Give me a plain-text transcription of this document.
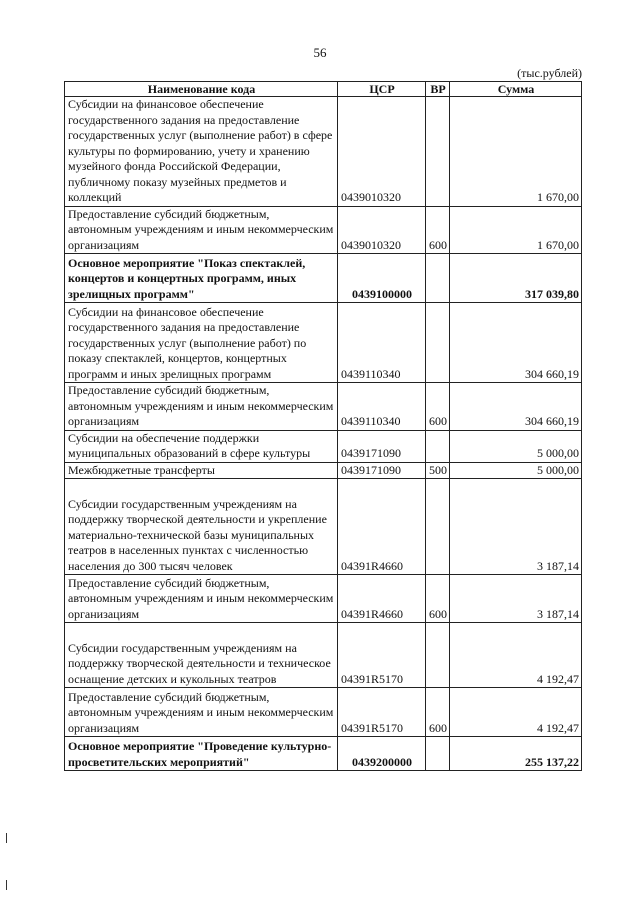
56
(тыс.рублей)
Наименование кода	ЦСР	ВР	Сумма
Субсидии на финансовое обеспечение государственного задания на предоставление государственных услуг (выполнение работ) в сфере культуры по формированию, учету и хранению музейного фонда Российской Федерации, публичному показу музейных предметов и коллекций	0439010320		1 670,00
Предоставление субсидий бюджетным, автономным учреждениям и иным некоммерческим организациям	0439010320	600	1 670,00
Основное мероприятие "Показ спектаклей, концертов и концертных программ, иных зрелищных программ"	0439100000		317 039,80
Субсидии на финансовое обеспечение государственного задания на предоставление государственных услуг (выполнение работ) по показу спектаклей, концертов, концертных программ и иных зрелищных программ	0439110340		304 660,19
Предоставление субсидий бюджетным, автономным учреждениям и иным некоммерческим организациям	0439110340	600	304 660,19
Субсидии на обеспечение поддержки муниципальных образований в сфере культуры	0439171090		5 000,00
Межбюджетные трансферты	0439171090	500	5 000,00
Субсидии государственным учреждениям на поддержку творческой деятельности и укрепление материально-технической базы муниципальных театров в населенных пунктах с численностью населения до 300 тысяч человек	04391R4660		3 187,14
Предоставление субсидий бюджетным, автономным учреждениям и иным некоммерческим организациям	04391R4660	600	3 187,14
Субсидии государственным учреждениям на поддержку творческой деятельности и техническое оснащение детских и кукольных театров	04391R5170		4 192,47
Предоставление субсидий бюджетным, автономным учреждениям и иным некоммерческим организациям	04391R5170	600	4 192,47
Основное мероприятие "Проведение культурно-просветительских мероприятий"	0439200000		255 137,22
